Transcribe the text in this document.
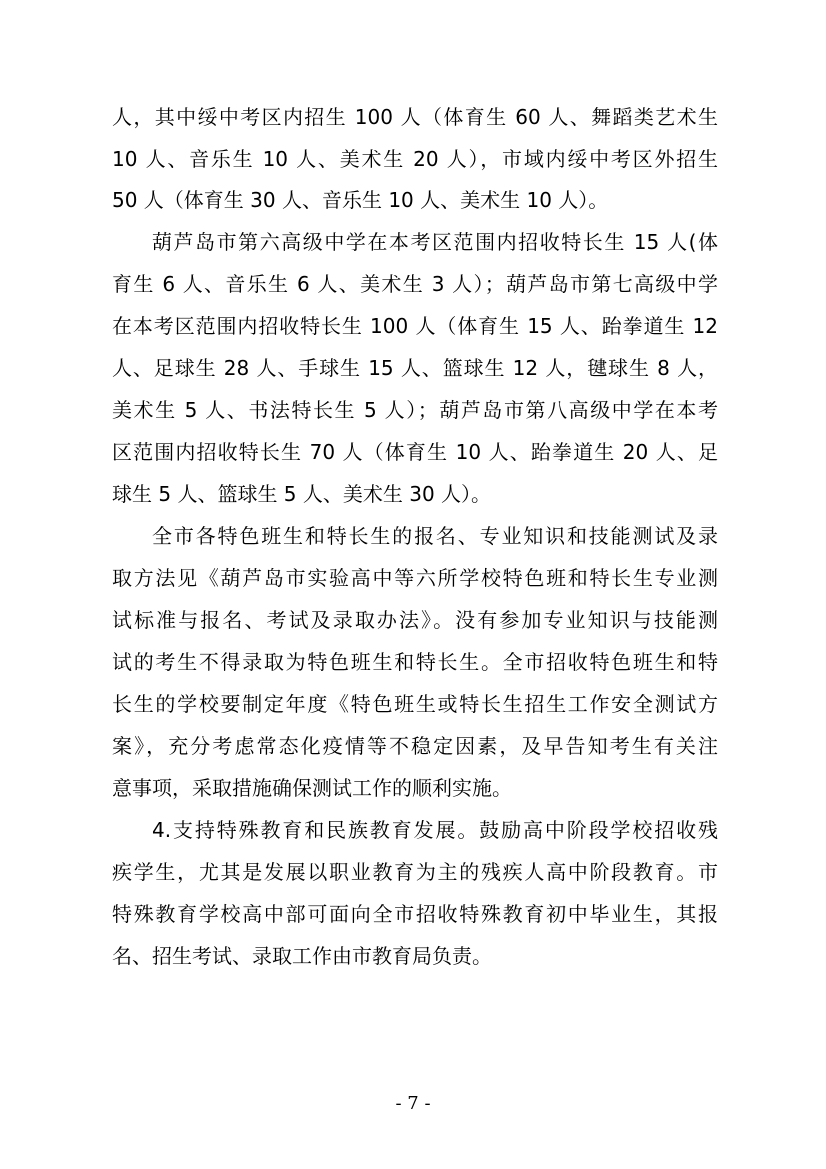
人，其中绥中考区内招生 100 人（体育生 60 人、舞蹈类艺术生
10 人、音乐生 10 人、美术生 20 人），市域内绥中考区外招生
50 人（体育生 30 人、音乐生 10 人、美术生 10 人）。
葫芦岛市第六高级中学在本考区范围内招收特长生 15 人(体
育生 6 人、音乐生 6 人、美术生 3 人）；葫芦岛市第七高级中学
在本考区范围内招收特长生 100 人（体育生 15 人、跆拳道生 12
人、足球生 28 人、手球生 15 人、篮球生 12 人，毽球生 8 人，
美术生 5 人、书法特长生 5 人）；葫芦岛市第八高级中学在本考
区范围内招收特长生 70 人（体育生 10 人、跆拳道生 20 人、足
球生 5 人、篮球生 5 人、美术生 30 人）。
全市各特色班生和特长生的报名、专业知识和技能测试及录
取方法见《葫芦岛市实验高中等六所学校特色班和特长生专业测
试标准与报名、考试及录取办法》。没有参加专业知识与技能测
试的考生不得录取为特色班生和特长生。全市招收特色班生和特
长生的学校要制定年度《特色班生或特长生招生工作安全测试方
案》，充分考虑常态化疫情等不稳定因素，及早告知考生有关注
意事项，采取措施确保测试工作的顺利实施。
4.支持特殊教育和民族教育发展。鼓励高中阶段学校招收残
疾学生，尤其是发展以职业教育为主的残疾人高中阶段教育。市
特殊教育学校高中部可面向全市招收特殊教育初中毕业生，其报
名、招生考试、录取工作由市教育局负责。
- 7 -
